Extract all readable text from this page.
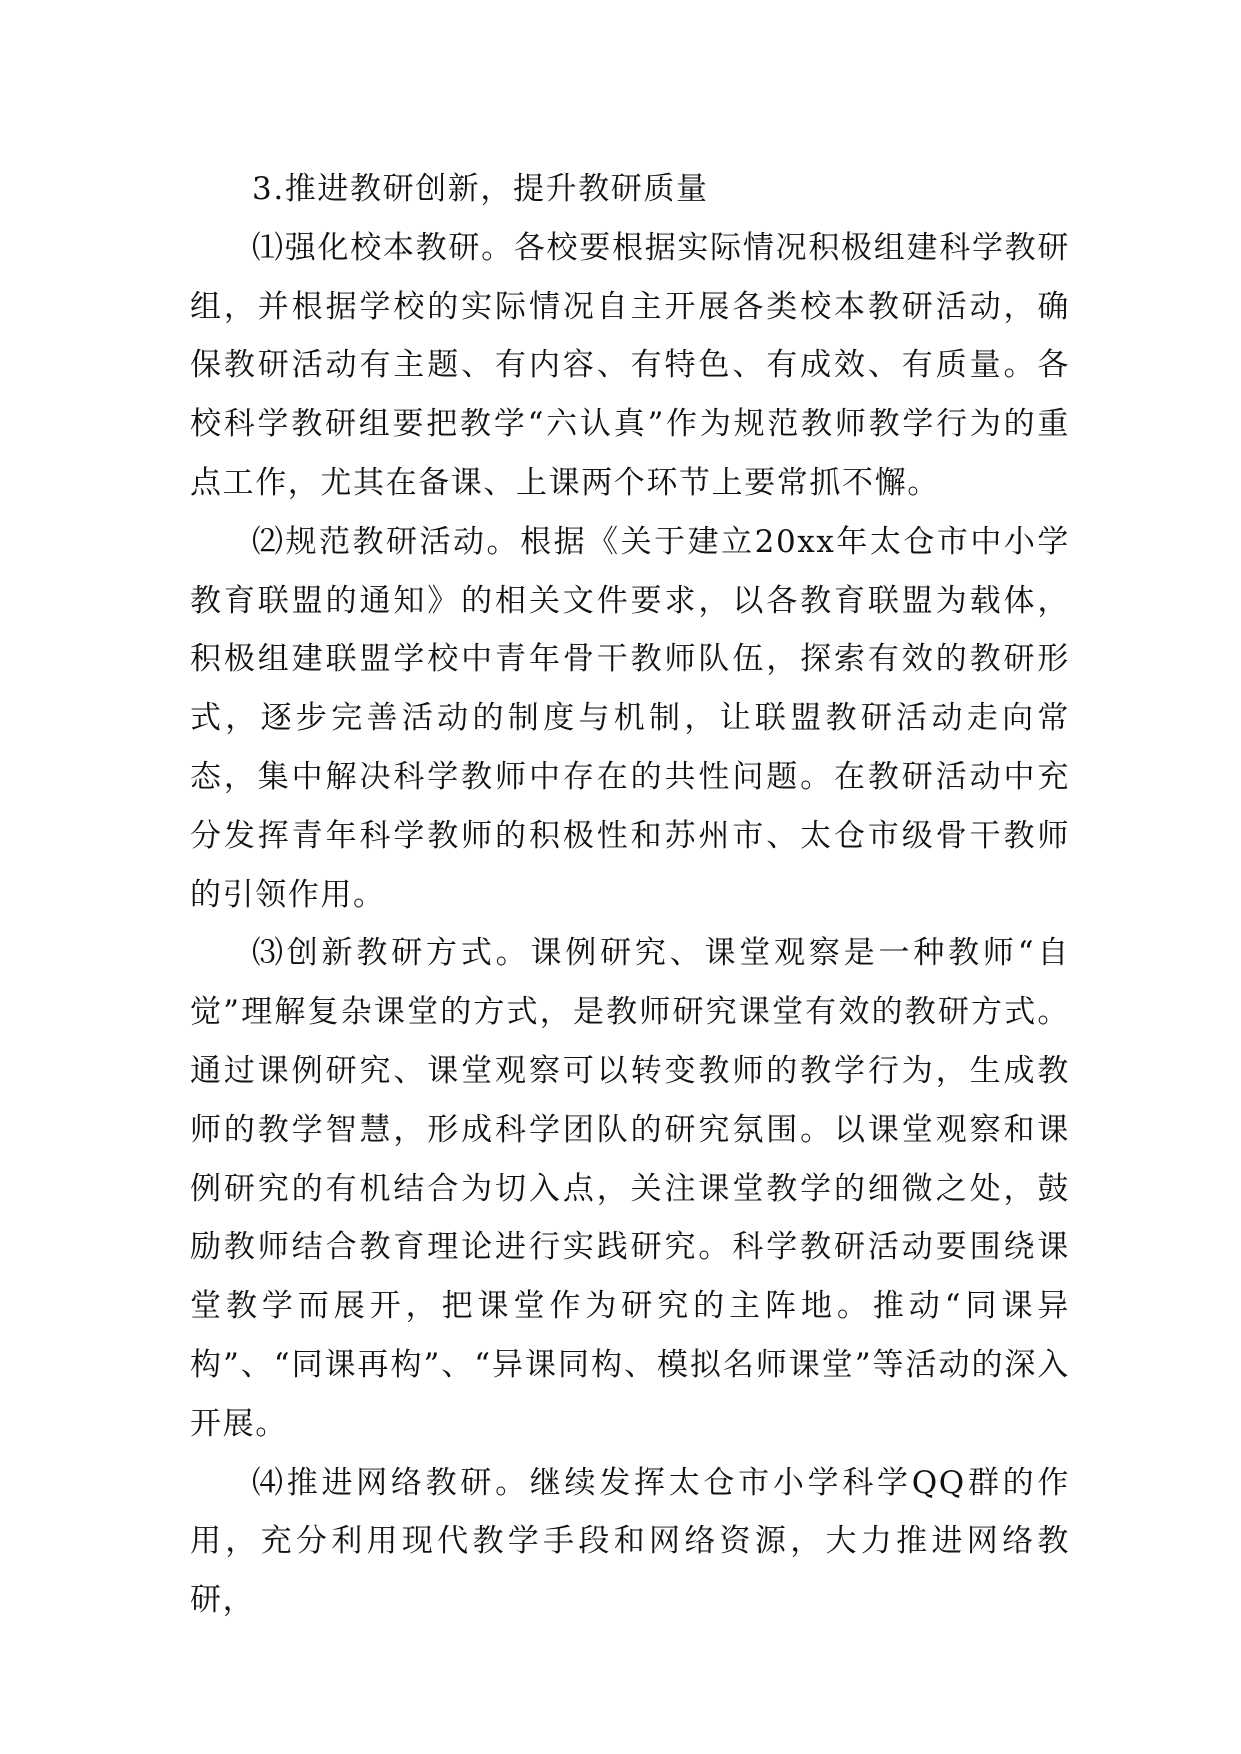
3.推进教研创新，提升教研质量

⑴强化校本教研。各校要根据实际情况积极组建科学教研组，并根据学校的实际情况自主开展各类校本教研活动，确保教研活动有主题、有内容、有特色、有成效、有质量。各校科学教研组要把教学“六认真”作为规范教师教学行为的重点工作，尤其在备课、上课两个环节上要常抓不懈。

⑵规范教研活动。根据《关于建立20xx年太仓市中小学教育联盟的通知》的相关文件要求，以各教育联盟为载体，积极组建联盟学校中青年骨干教师队伍，探索有效的教研形式，逐步完善活动的制度与机制，让联盟教研活动走向常态，集中解决科学教师中存在的共性问题。在教研活动中充分发挥青年科学教师的积极性和苏州市、太仓市级骨干教师的引领作用。

⑶创新教研方式。课例研究、课堂观察是一种教师“自觉”理解复杂课堂的方式，是教师研究课堂有效的教研方式。通过课例研究、课堂观察可以转变教师的教学行为，生成教师的教学智慧，形成科学团队的研究氛围。以课堂观察和课例研究的有机结合为切入点，关注课堂教学的细微之处，鼓励教师结合教育理论进行实践研究。科学教研活动要围绕课堂教学而展开，把课堂作为研究的主阵地。推动“同课异构”、“同课再构”、“异课同构、模拟名师课堂”等活动的深入开展。

⑷推进网络教研。继续发挥太仓市小学科学QQ群的作用，充分利用现代教学手段和网络资源，大力推进网络教研，
